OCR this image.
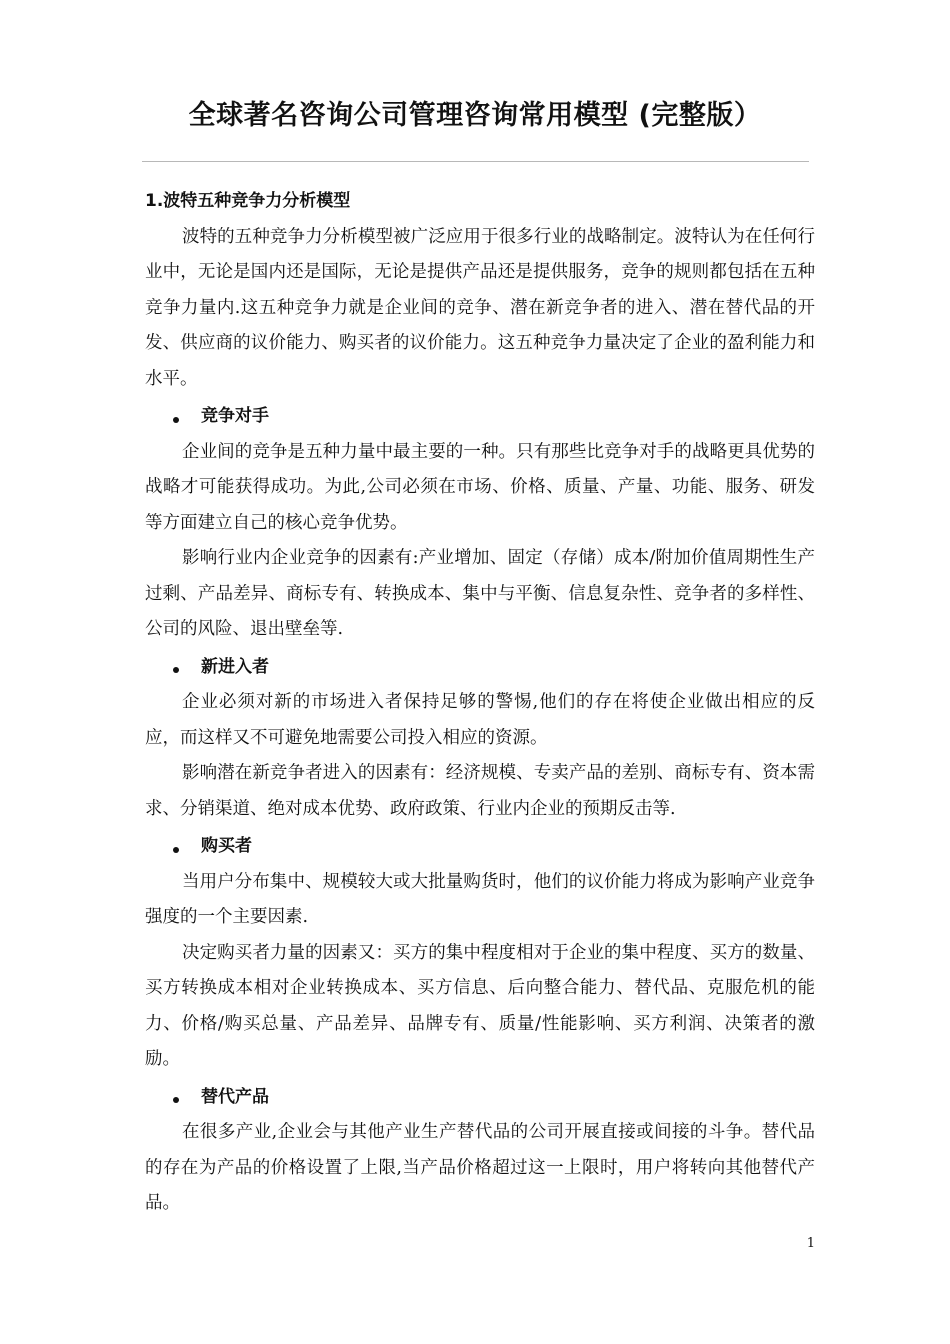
全球著名咨询公司管理咨询常用模型 (完整版）

1.波特五种竞争力分析模型

波特的五种竞争力分析模型被广泛应用于很多行业的战略制定。波特认为在任何行业中，无论是国内还是国际，无论是提供产品还是提供服务，竞争的规则都包括在五种竞争力量内.这五种竞争力就是企业间的竞争、潜在新竞争者的进入、潜在替代品的开发、供应商的议价能力、购买者的议价能力。这五种竞争力量决定了企业的盈利能力和水平。

竞争对手

企业间的竞争是五种力量中最主要的一种。只有那些比竞争对手的战略更具优势的战略才可能获得成功。为此,公司必须在市场、价格、质量、产量、功能、服务、研发等方面建立自己的核心竞争优势。

影响行业内企业竞争的因素有:产业增加、固定（存储）成本/附加价值周期性生产过剩、产品差异、商标专有、转换成本、集中与平衡、信息复杂性、竞争者的多样性、公司的风险、退出壁垒等.

新进入者

企业必须对新的市场进入者保持足够的警惕,他们的存在将使企业做出相应的反应，而这样又不可避免地需要公司投入相应的资源。

影响潜在新竞争者进入的因素有：经济规模、专卖产品的差别、商标专有、资本需求、分销渠道、绝对成本优势、政府政策、行业内企业的预期反击等.

购买者

当用户分布集中、规模较大或大批量购货时，他们的议价能力将成为影响产业竞争强度的一个主要因素.

决定购买者力量的因素又：买方的集中程度相对于企业的集中程度、买方的数量、买方转换成本相对企业转换成本、买方信息、后向整合能力、替代品、克服危机的能力、价格/购买总量、产品差异、品牌专有、质量/性能影响、买方利润、决策者的激励。

替代产品

在很多产业,企业会与其他产业生产替代品的公司开展直接或间接的斗争。替代品的存在为产品的价格设置了上限,当产品价格超过这一上限时，用户将转向其他替代产品。

1
